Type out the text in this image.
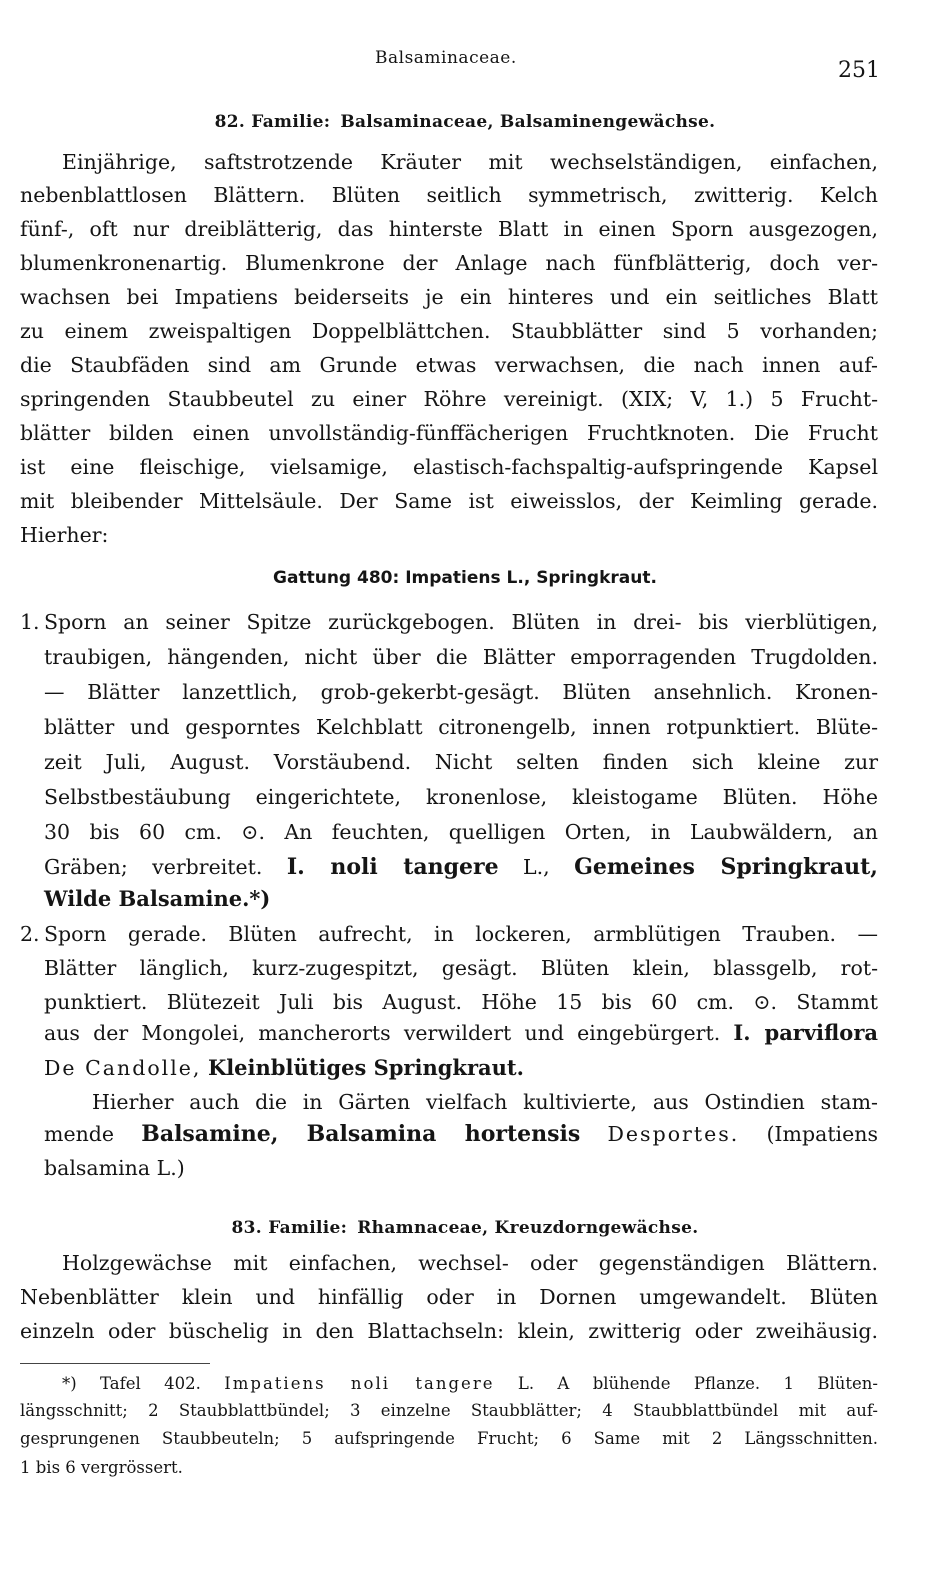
Balsaminaceae.	251
82. Familie: Balsaminaceae, Balsaminengewächse.
Einjährige, saftstrotzende Kräuter mit wechselständigen, einfachen,
nebenblattlosen Blättern. Blüten seitlich symmetrisch, zwitterig. Kelch
fünf-, oft nur dreiblätterig, das hinterste Blatt in einen Sporn ausgezogen,
blumenkronenartig. Blumenkrone der Anlage nach fünfblätterig, doch ver-
wachsen bei Impatiens beiderseits je ein hinteres und ein seitliches Blatt
zu einem zweispaltigen Doppelblättchen. Staubblätter sind 5 vorhanden;
die Staubfäden sind am Grunde etwas verwachsen, die nach innen auf-
springenden Staubbeutel zu einer Röhre vereinigt. (XIX; V, 1.) 5 Frucht-
blätter bilden einen unvollständig-fünffächerigen Fruchtknoten. Die Frucht
ist eine fleischige, vielsamige, elastisch-fachspaltig-aufspringende Kapsel
mit bleibender Mittelsäule. Der Same ist eiweisslos, der Keimling gerade.
Hierher:
Gattung 480: Impatiens L., Springkraut.
1. Sporn an seiner Spitze zurückgebogen. Blüten in drei- bis vierblütigen,
traubigen, hängenden, nicht über die Blätter emporragenden Trugdolden.
— Blätter lanzettlich, grob-gekerbt-gesägt. Blüten ansehnlich. Kronen-
blätter und gesporntes Kelchblatt citronengelb, innen rotpunktiert. Blüte-
zeit Juli, August. Vorstäubend. Nicht selten finden sich kleine zur
Selbstbestäubung eingerichtete, kronenlose, kleistogame Blüten. Höhe
30 bis 60 cm. ⊙. An feuchten, quelligen Orten, in Laubwäldern, an
Gräben; verbreitet. I. noli tangere L., Gemeines Springkraut,
Wilde Balsamine.*)
2. Sporn gerade. Blüten aufrecht, in lockeren, armblütigen Trauben. —
Blätter länglich, kurz-zugespitzt, gesägt. Blüten klein, blassgelb, rot-
punktiert. Blütezeit Juli bis August. Höhe 15 bis 60 cm. ⊙. Stammt
aus der Mongolei, mancherorts verwildert und eingebürgert. I. parviflora
De Candolle, Kleinblütiges Springkraut.
Hierher auch die in Gärten vielfach kultivierte, aus Ostindien stam-
mende Balsamine, Balsamina hortensis Desportes. (Impatiens
balsamina L.)
83. Familie: Rhamnaceae, Kreuzdorngewächse.
Holzgewächse mit einfachen, wechsel- oder gegenständigen Blättern.
Nebenblätter klein und hinfällig oder in Dornen umgewandelt. Blüten
einzeln oder büschelig in den Blattachseln: klein, zwitterig oder zweihäusig.
*) Tafel 402. Impatiens noli tangere L. A blühende Pflanze. 1 Blüten-
längsschnitt; 2 Staubblattbündel; 3 einzelne Staubblätter; 4 Staubblattbündel mit auf-
gesprungenen Staubbeuteln; 5 aufspringende Frucht; 6 Same mit 2 Längsschnitten.
1 bis 6 vergrössert.
